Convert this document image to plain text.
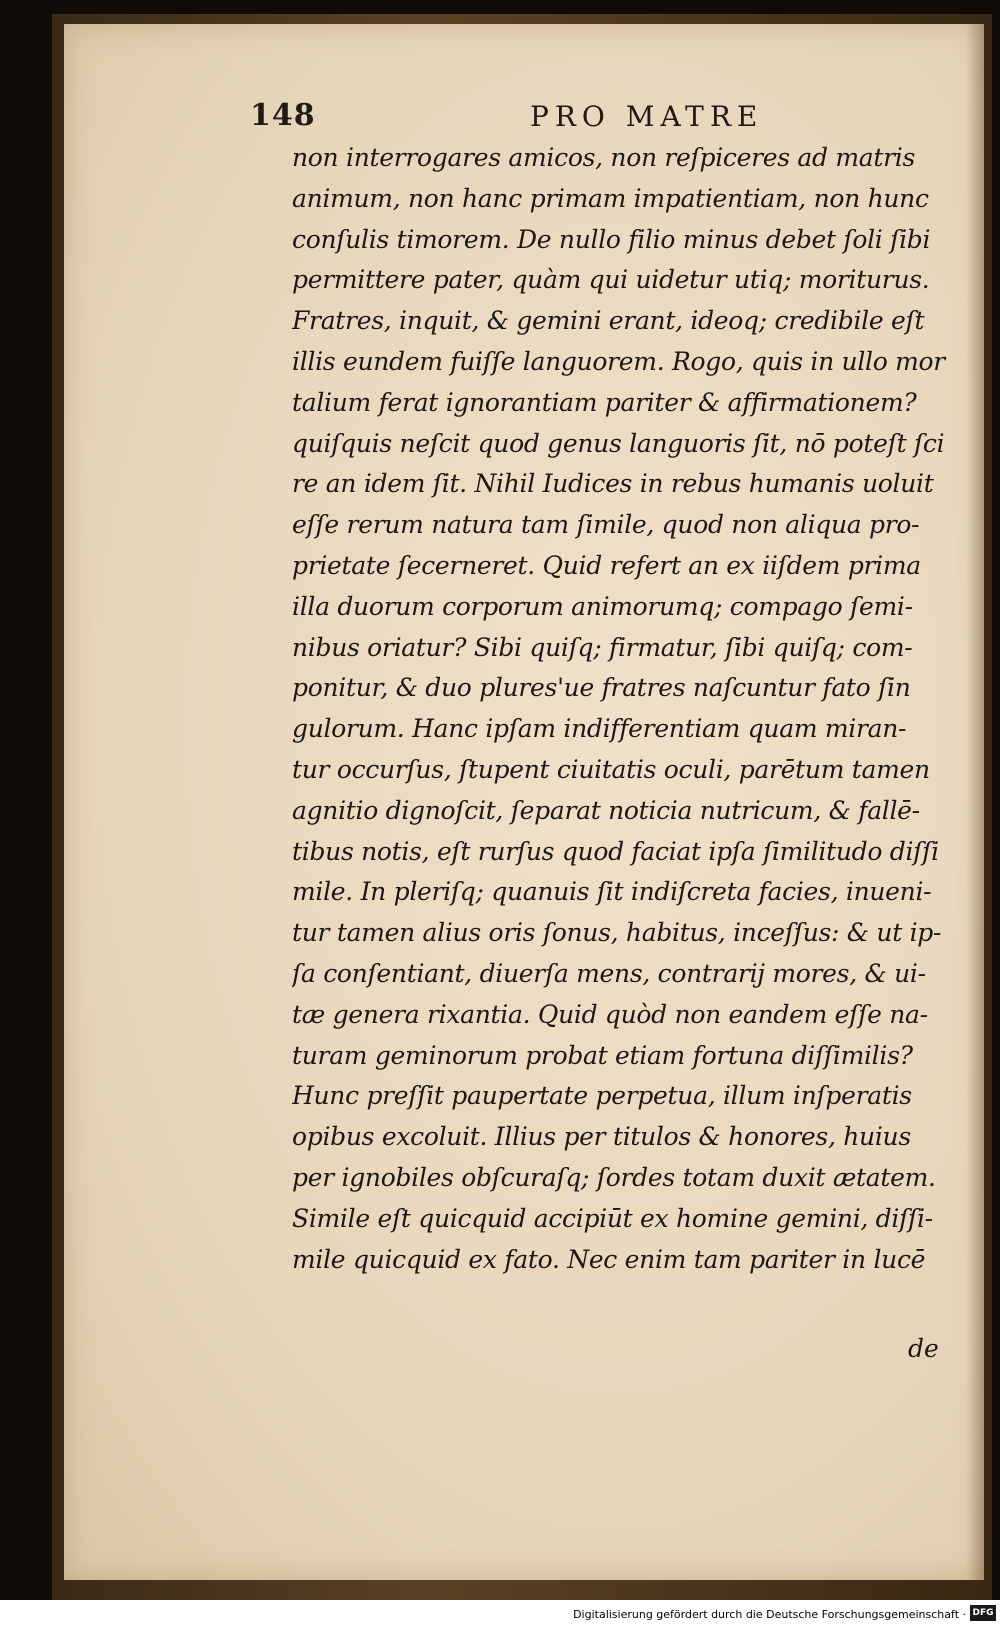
148	PRO MATRE
non interrogares amicos, non reſpiceres ad matris
animum, non hanc primam impatientiam, non hunc
conſulis timorem. De nullo filio minus debet ſoli ſibi
permittere pater, quàm qui uidetur utiq; moriturus.
Fratres, inquit, & gemini erant, ideoq; credibile eſt
illis eundem fuiſſe languorem. Rogo, quis in ullo mor
talium ferat ignorantiam pariter & affirmationem?
quiſquis neſcit quod genus languoris ſit, nō poteſt ſci
re an idem ſit. Nihil Iudices in rebus humanis uoluit
eſſe rerum natura tam ſimile, quod non aliqua pro-
prietate ſecerneret. Quid refert an ex iiſdem prima
illa duorum corporum animorumq; compago ſemi-
nibus oriatur? Sibi quiſq; firmatur, ſibi quiſq; com-
ponitur, & duo plures'ue fratres naſcuntur fato ſin
gulorum. Hanc ipſam indifferentiam quam miran-
tur occurſus, ſtupent ciuitatis oculi, parētum tamen
agnitio dignoſcit, ſeparat noticia nutricum, & fallē-
tibus notis, eſt rurſus quod faciat ipſa ſimilitudo diſſi
mile. In pleriſq; quanuis ſit indiſcreta facies, inueni-
tur tamen alius oris ſonus, habitus, inceſſus: & ut ip-
ſa conſentiant, diuerſa mens, contrarij mores, & ui-
tæ genera rixantia. Quid quòd non eandem eſſe na-
turam geminorum probat etiam fortuna diſſimilis?
Hunc preſſit paupertate perpetua, illum inſperatis
opibus excoluit. Illius per titulos & honores, huius
per ignobiles obſcuraſq; ſordes totam duxit ætatem.
Simile eſt quicquid accipiūt ex homine gemini, diſſi-
mile quicquid ex fato. Nec enim tam pariter in lucē
de
Digitalisierung gefördert durch die Deutsche Forschungsgemeinschaft · DFG
